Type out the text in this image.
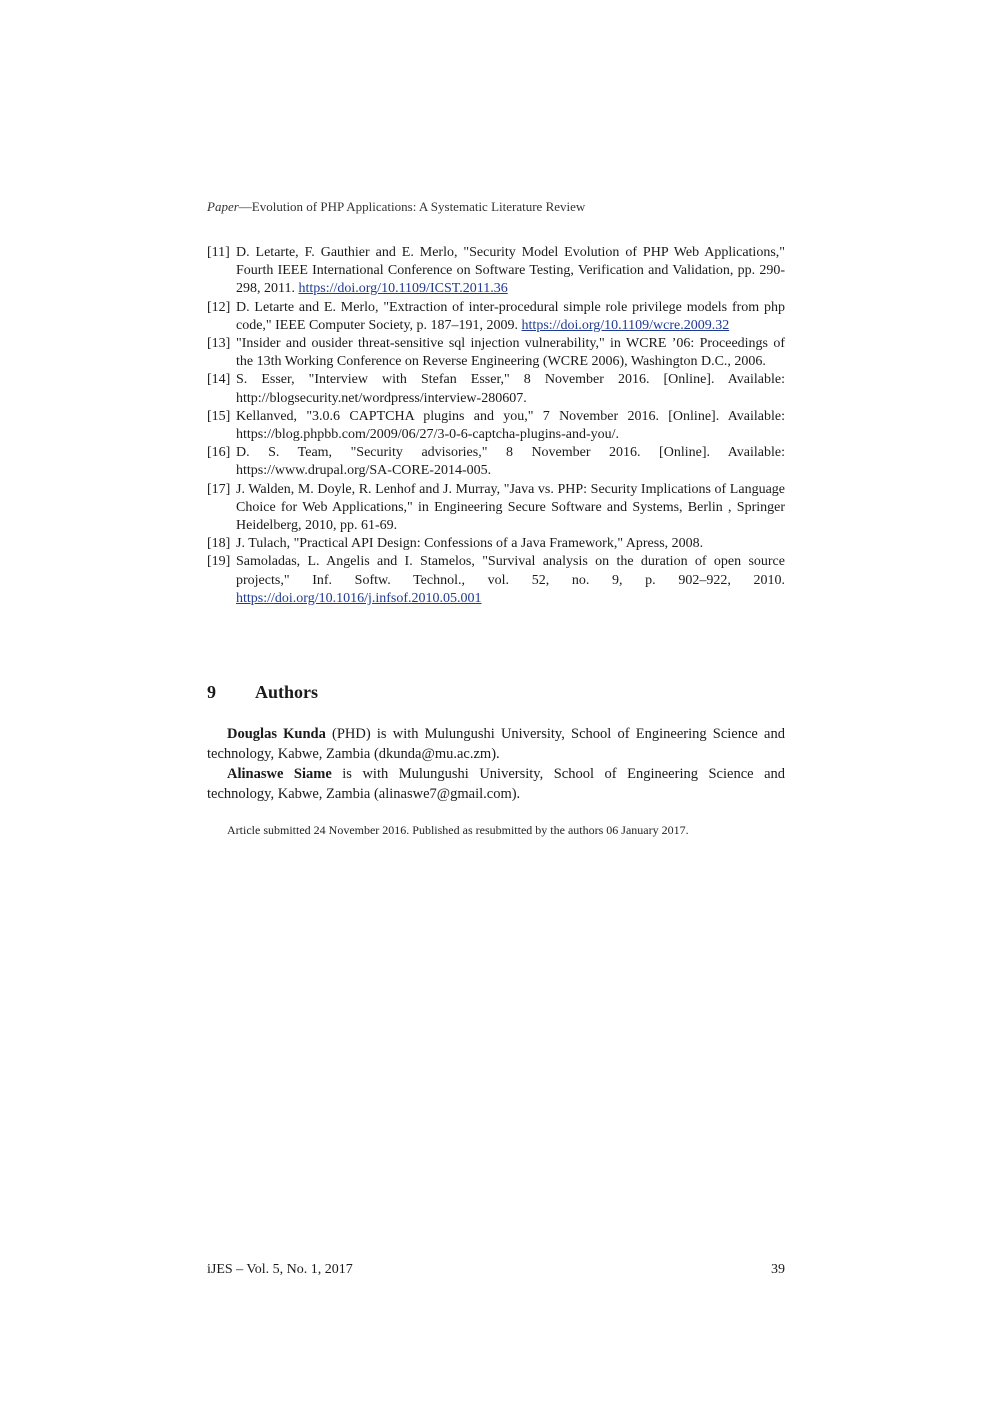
Paper—Evolution of PHP Applications: A Systematic Literature Review
[11] D. Letarte, F. Gauthier and E. Merlo, "Security Model Evolution of PHP Web Applications," Fourth IEEE International Conference on Software Testing, Verification and Validation, pp. 290-298, 2011. https://doi.org/10.1109/ICST.2011.36
[12] D. Letarte and E. Merlo, "Extraction of inter-procedural simple role privilege models from php code," IEEE Computer Society, p. 187–191, 2009. https://doi.org/10.1109/wcre.2009.32
[13] "Insider and ousider threat-sensitive sql injection vulnerability," in WCRE ’06: Proceedings of the 13th Working Conference on Reverse Engineering (WCRE 2006), Washington D.C., 2006.
[14] S. Esser, "Interview with Stefan Esser," 8 November 2016. [Online]. Available: http://blogsecurity.net/wordpress/interview-280607.
[15] Kellanved, "3.0.6 CAPTCHA plugins and you," 7 November 2016. [Online]. Available: https://blog.phpbb.com/2009/06/27/3-0-6-captcha-plugins-and-you/.
[16] D. S. Team, "Security advisories," 8 November 2016. [Online]. Available: https://www.drupal.org/SA-CORE-2014-005.
[17] J. Walden, M. Doyle, R. Lenhof and J. Murray, "Java vs. PHP: Security Implications of Language Choice for Web Applications," in Engineering Secure Software and Systems, Berlin , Springer Heidelberg, 2010, pp. 61-69.
[18] J. Tulach, "Practical API Design: Confessions of a Java Framework," Apress, 2008.
[19] Samoladas, L. Angelis and I. Stamelos, "Survival analysis on the duration of open source projects," Inf. Softw. Technol., vol. 52, no. 9, p. 902–922, 2010. https://doi.org/10.1016/j.infsof.2010.05.001
9 Authors

Douglas Kunda (PHD) is with Mulungushi University, School of Engineering Science and technology, Kabwe, Zambia (dkunda@mu.ac.zm).

Alinaswe Siame is with Mulungushi University, School of Engineering Science and technology, Kabwe, Zambia (alinaswe7@gmail.com).

Article submitted 24 November 2016. Published as resubmitted by the authors 06 January 2017.
iJES – Vol. 5, No. 1, 2017	39
